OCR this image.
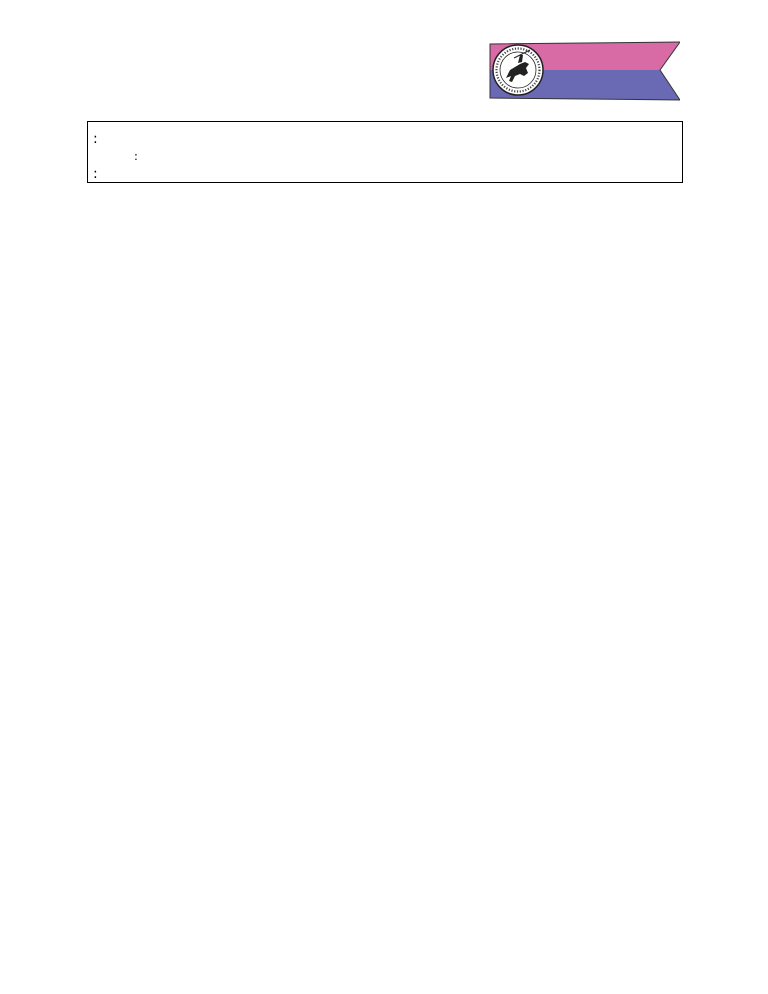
:
:
:
